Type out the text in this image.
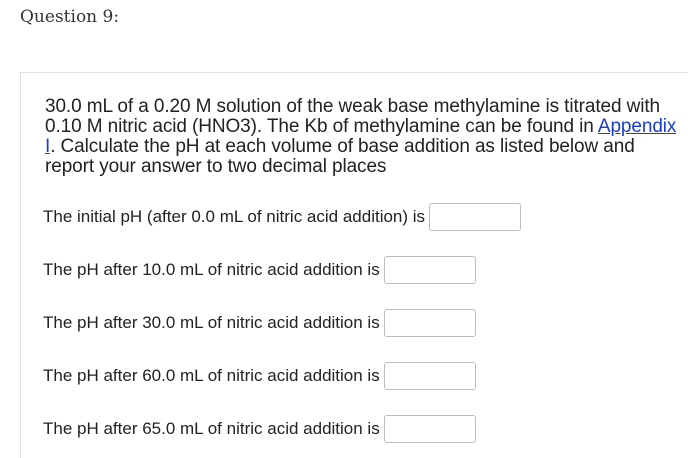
Question 9:
30.0 mL of a 0.20 M solution of the weak base methylamine is titrated with 0.10 M nitric acid (HNO3). The Kb of methylamine can be found in Appendix I. Calculate the pH at each volume of base addition as listed below and report your answer to two decimal places
The initial pH (after 0.0 mL of nitric acid addition) is
The pH after 10.0 mL of nitric acid addition is
The pH after 30.0 mL of nitric acid addition is
The pH after 60.0 mL of nitric acid addition is
The pH after 65.0 mL of nitric acid addition is
